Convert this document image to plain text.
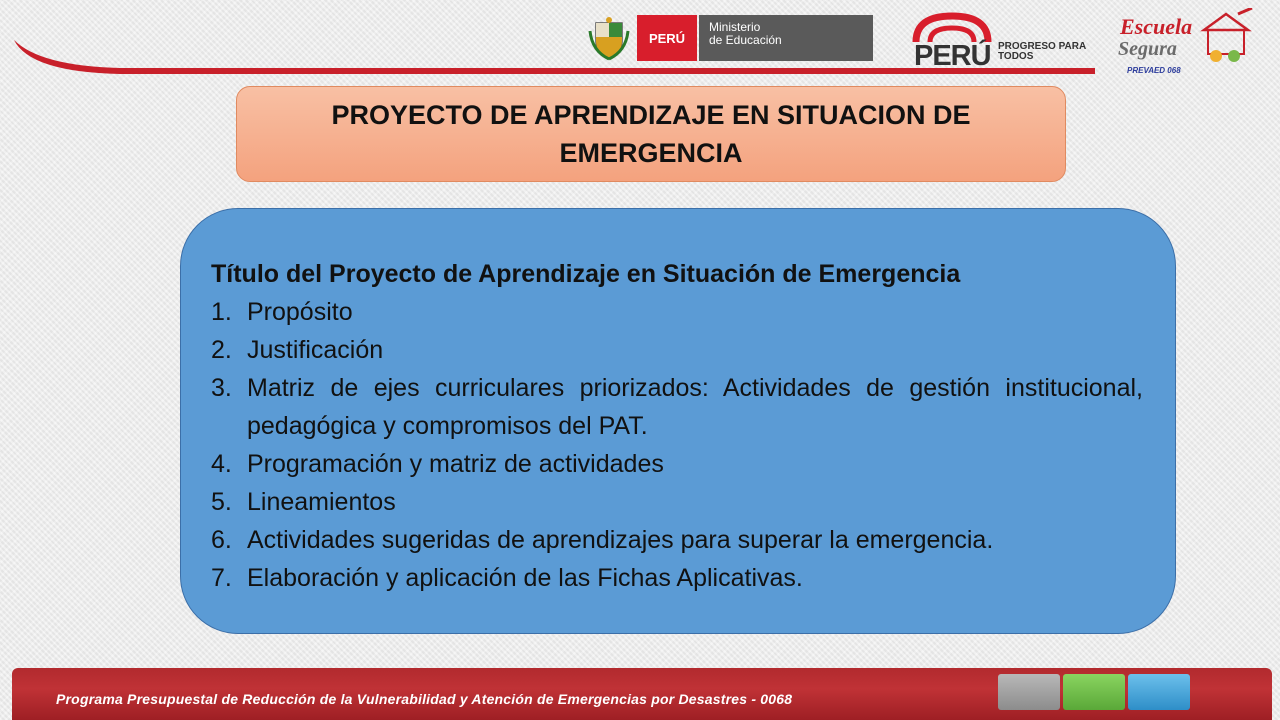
PERÚ
Ministerio
de Educación	PERÚ PROGRESO PARA TODOS
Escuela
Segura
PREVAED 068
PROYECTO DE APRENDIZAJE EN SITUACION DE EMERGENCIA
Título del Proyecto de Aprendizaje en Situación de Emergencia
1. Propósito
2. Justificación
3. Matriz de ejes curriculares priorizados: Actividades de gestión institucional, pedagógica y compromisos del PAT.
4. Programación y matriz de actividades
5. Lineamientos
6. Actividades sugeridas de aprendizajes para superar la emergencia.
7. Elaboración y aplicación de las Fichas Aplicativas.
Programa Presupuestal de Reducción de la Vulnerabilidad y Atención de Emergencias por Desastres - 0068
